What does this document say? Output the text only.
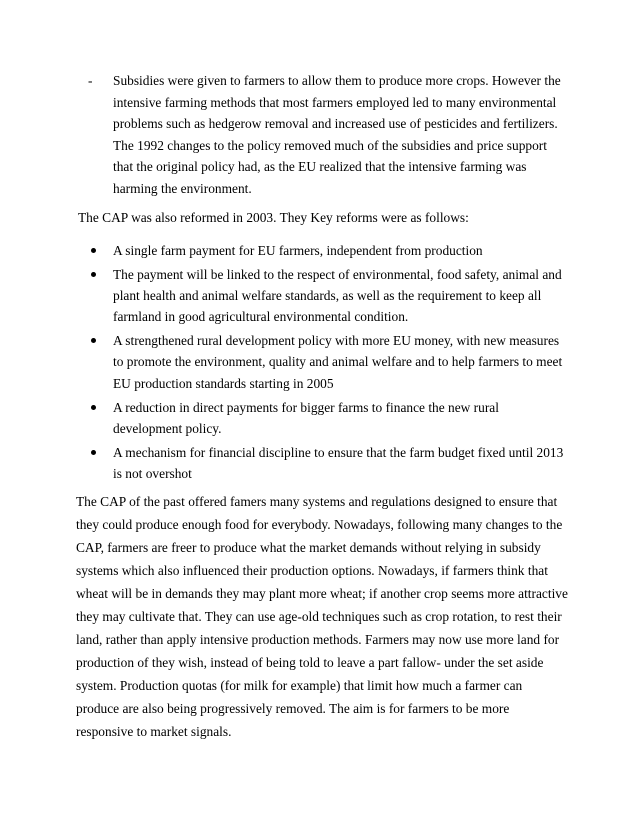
- Subsidies were given to farmers to allow them to produce more crops. However the intensive farming methods that most farmers employed led to many environmental problems such as hedgerow removal and increased use of pesticides and fertilizers. The 1992 changes to the policy removed much of the subsidies and price support that the original policy had, as the EU realized that the intensive farming was harming the environment.

The CAP was also reformed in 2003. They Key reforms were as follows:

A single farm payment for EU farmers, independent from production
The payment will be linked to the respect of environmental, food safety, animal and plant health and animal welfare standards, as well as the requirement to keep all farmland in good agricultural environmental condition.
A strengthened rural development policy with more EU money, with new measures to promote the environment, quality and animal welfare and to help farmers to meet EU production standards starting in 2005
A reduction in direct payments for bigger farms to finance the new rural development policy.
A mechanism for financial discipline to ensure that the farm budget fixed until 2013 is not overshot

The CAP of the past offered famers many systems and regulations designed to ensure that they could produce enough food for everybody. Nowadays, following many changes to the CAP, farmers are freer to produce what the market demands without relying in subsidy systems which also influenced their production options. Nowadays, if farmers think that wheat will be in demands they may plant more wheat; if another crop seems more attractive they may cultivate that. They can use age-old techniques such as crop rotation, to rest their land, rather than apply intensive production methods. Farmers may now use more land for production of they wish, instead of being told to leave a part fallow- under the set aside system. Production quotas (for milk for example) that limit how much a farmer can produce are also being progressively removed. The aim is for farmers to be more responsive to market signals.
